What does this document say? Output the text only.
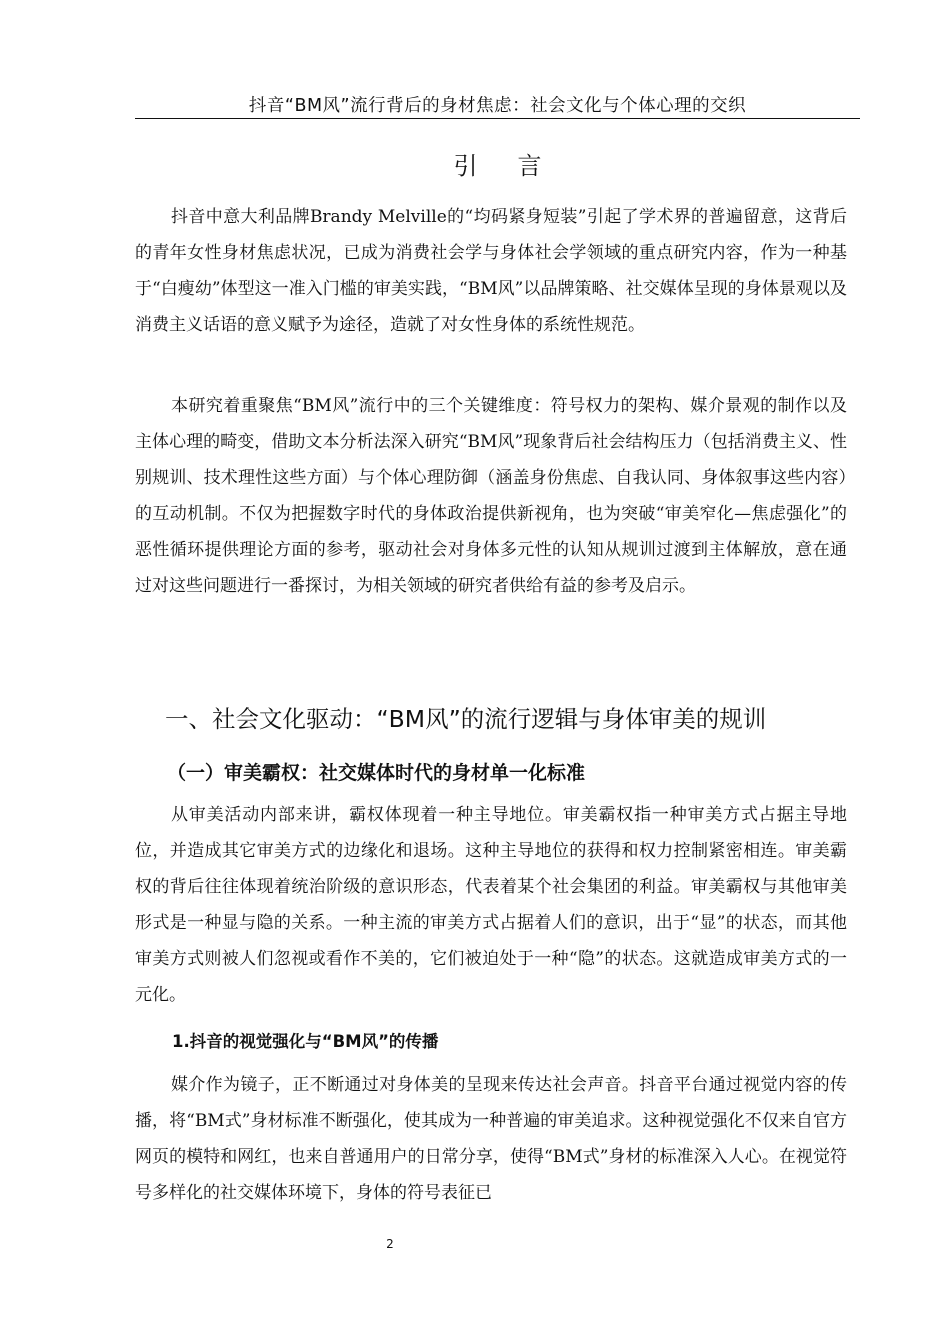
抖音“BM风”流行背后的身材焦虑：社会文化与个体心理的交织
引言

抖音中意大利品牌Brandy Melville的“均码紧身短装”引起了学术界的普遍留意，这背后的青年女性身材焦虑状况，已成为消费社会学与身体社会学领域的重点研究内容，作为一种基于“白瘦幼”体型这一准入门槛的审美实践，“BM风”以品牌策略、社交媒体呈现的身体景观以及消费主义话语的意义赋予为途径，造就了对女性身体的系统性规范。

本研究着重聚焦“BM风”流行中的三个关键维度：符号权力的架构、媒介景观的制作以及主体心理的畸变，借助文本分析法深入研究“BM风”现象背后社会结构压力（包括消费主义、性别规训、技术理性这些方面）与个体心理防御（涵盖身份焦虑、自我认同、身体叙事这些内容）的互动机制。不仅为把握数字时代的身体政治提供新视角，也为突破“审美窄化—焦虑强化”的恶性循环提供理论方面的参考，驱动社会对身体多元性的认知从规训过渡到主体解放，意在通过对这些问题进行一番探讨，为相关领域的研究者供给有益的参考及启示。

一、社会文化驱动：“BM风”的流行逻辑与身体审美的规训
（一）审美霸权：社交媒体时代的身材单一化标准

从审美活动内部来讲，霸权体现着一种主导地位。审美霸权指一种审美方式占据主导地位，并造成其它审美方式的边缘化和退场。这种主导地位的获得和权力控制紧密相连。审美霸权的背后往往体现着统治阶级的意识形态，代表着某个社会集团的利益。审美霸权与其他审美形式是一种显与隐的关系。一种主流的审美方式占据着人们的意识，出于“显”的状态，而其他审美方式则被人们忽视或看作不美的，它们被迫处于一种“隐”的状态。这就造成审美方式的一元化。

1.抖音的视觉强化与“BM风”的传播

媒介作为镜子，正不断通过对身体美的呈现来传达社会声音。抖音平台通过视觉内容的传播，将“BM式”身材标准不断强化，使其成为一种普遍的审美追求。这种视觉强化不仅来自官方网页的模特和网红，也来自普通用户的日常分享，使得“BM式”身材的标准深入人心。在视觉符号多样化的社交媒体环境下，身体的符号表征已

2
